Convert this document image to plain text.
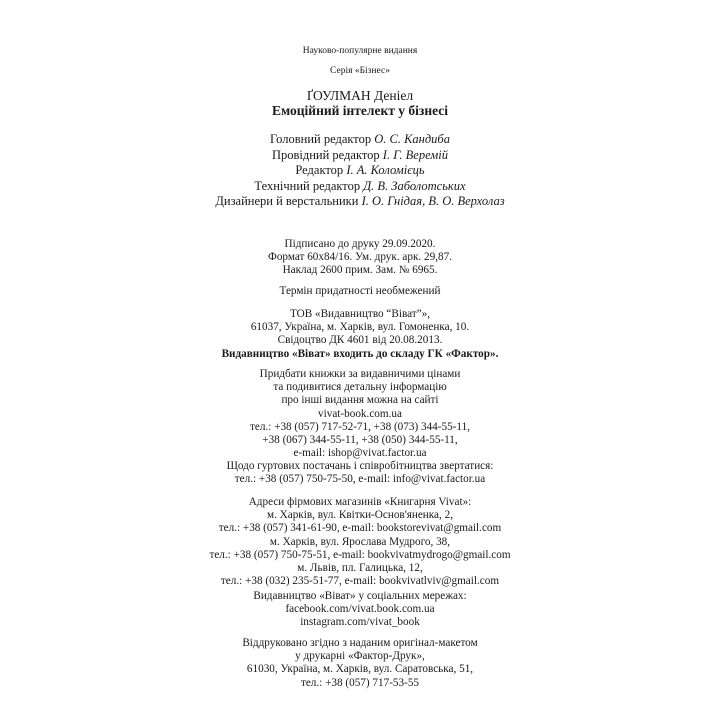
Науково-популярне видання
Серія «Бізнес»
ҐОУЛМАН Деніел
Емоційний інтелект у бізнесі
Головний редактор О. С. Кандиба
Провідний редактор І. Г. Веремій
Редактор І. А. Коломієць
Технічний редактор Д. В. Заболотських
Дизайнери й верстальники І. О. Гнідая, В. О. Верхолаз
Підписано до друку 29.09.2020.
Формат 60х84/16. Ум. друк. арк. 29,87.
Наклад 2600 прим. Зам. № 6965.
Термін придатності необмежений
ТОВ «Видавництво “Віват”»,
61037, Україна, м. Харків, вул. Гомоненка, 10.
Свідоцтво ДК 4601 від 20.08.2013.
Видавництво «Віват» входить до складу ГК «Фактор».
Придбати книжки за видавничими цінами
та подивитися детальну інформацію
про інші видання можна на сайті
vivat-book.com.ua
тел.: +38 (057) 717-52-71, +38 (073) 344-55-11,
+38 (067) 344-55-11, +38 (050) 344-55-11,
e-mail: ishop@vivat.factor.ua
Щодо гуртових постачань і співробітництва звертатися:
тел.: +38 (057) 750-75-50, e-mail: info@vivat.factor.ua
Адреси фірмових магазинів «Книгарня Vivat»:
м. Харків, вул. Квітки-Основ'яненка, 2,
тел.: +38 (057) 341-61-90, e-mail: bookstorevivat@gmail.com
м. Харків, вул. Ярослава Мудрого, 38,
тел.: +38 (057) 750-75-51, e-mail: bookvivatmydrogo@gmail.com
м. Львів, пл. Галицька, 12,
тел.: +38 (032) 235-51-77, e-mail: bookvivatlviv@gmail.com
Видавництво «Віват» у соціальних мережах:
facebook.com/vivat.book.com.ua
instagram.com/vivat_book
Віддруковано згідно з наданим оригінал-макетом
у друкарні «Фактор-Друк»,
61030, Україна, м. Харків, вул. Саратовська, 51,
тел.: +38 (057) 717-53-55
